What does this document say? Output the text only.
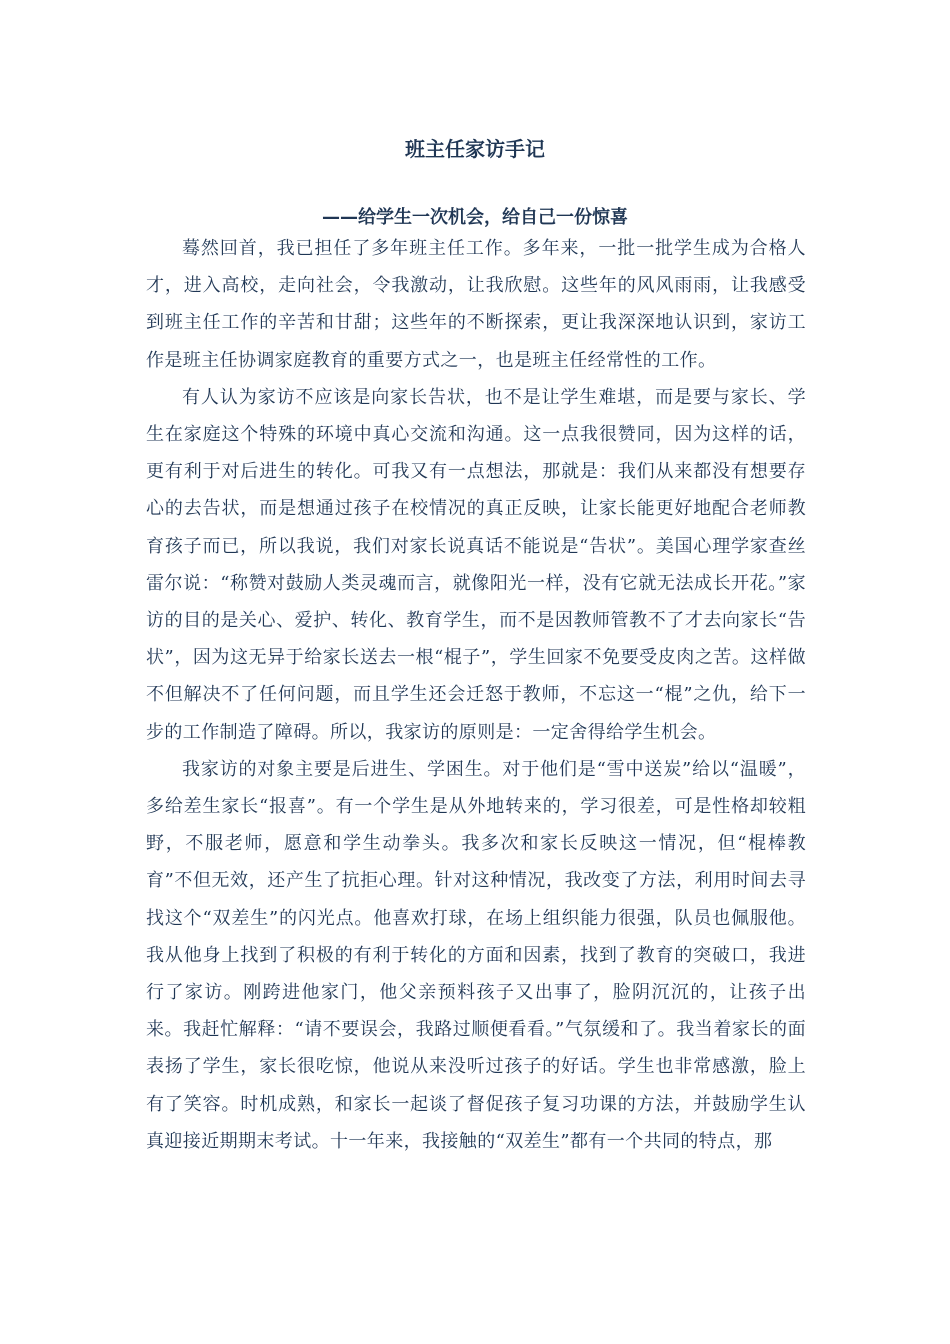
班主任家访手记
——给学生一次机会，给自己一份惊喜

蓦然回首，我已担任了多年班主任工作。多年来，一批一批学生成为合格人才，进入高校，走向社会，令我激动，让我欣慰。这些年的风风雨雨，让我感受到班主任工作的辛苦和甘甜；这些年的不断探索，更让我深深地认识到，家访工作是班主任协调家庭教育的重要方式之一，也是班主任经常性的工作。

有人认为家访不应该是向家长告状，也不是让学生难堪，而是要与家长、学生在家庭这个特殊的环境中真心交流和沟通。这一点我很赞同，因为这样的话，更有利于对后进生的转化。可我又有一点想法，那就是：我们从来都没有想要存心的去告状，而是想通过孩子在校情况的真正反映，让家长能更好地配合老师教育孩子而已，所以我说，我们对家长说真话不能说是“告状”。美国心理学家查丝雷尔说：“称赞对鼓励人类灵魂而言，就像阳光一样，没有它就无法成长开花。”家访的目的是关心、爱护、转化、教育学生，而不是因教师管教不了才去向家长“告状”，因为这无异于给家长送去一根“棍子”，学生回家不免要受皮肉之苦。这样做不但解决不了任何问题，而且学生还会迁怒于教师，不忘这一“棍”之仇，给下一步的工作制造了障碍。所以，我家访的原则是：一定舍得给学生机会。

我家访的对象主要是后进生、学困生。对于他们是“雪中送炭”给以“温暖”，多给差生家长“报喜”。有一个学生是从外地转来的，学习很差，可是性格却较粗野，不服老师，愿意和学生动拳头。我多次和家长反映这一情况，但“棍棒教育”不但无效，还产生了抗拒心理。针对这种情况，我改变了方法，利用时间去寻找这个“双差生”的闪光点。他喜欢打球，在场上组织能力很强，队员也佩服他。我从他身上找到了积极的有利于转化的方面和因素，找到了教育的突破口，我进行了家访。刚跨进他家门，他父亲预料孩子又出事了，脸阴沉沉的，让孩子出来。我赶忙解释：“请不要误会，我路过顺便看看。”气氛缓和了。我当着家长的面表扬了学生，家长很吃惊，他说从来没听过孩子的好话。学生也非常感激，脸上有了笑容。时机成熟，和家长一起谈了督促孩子复习功课的方法，并鼓励学生认真迎接近期期末考试。十一年来，我接触的“双差生”都有一个共同的特点，那
